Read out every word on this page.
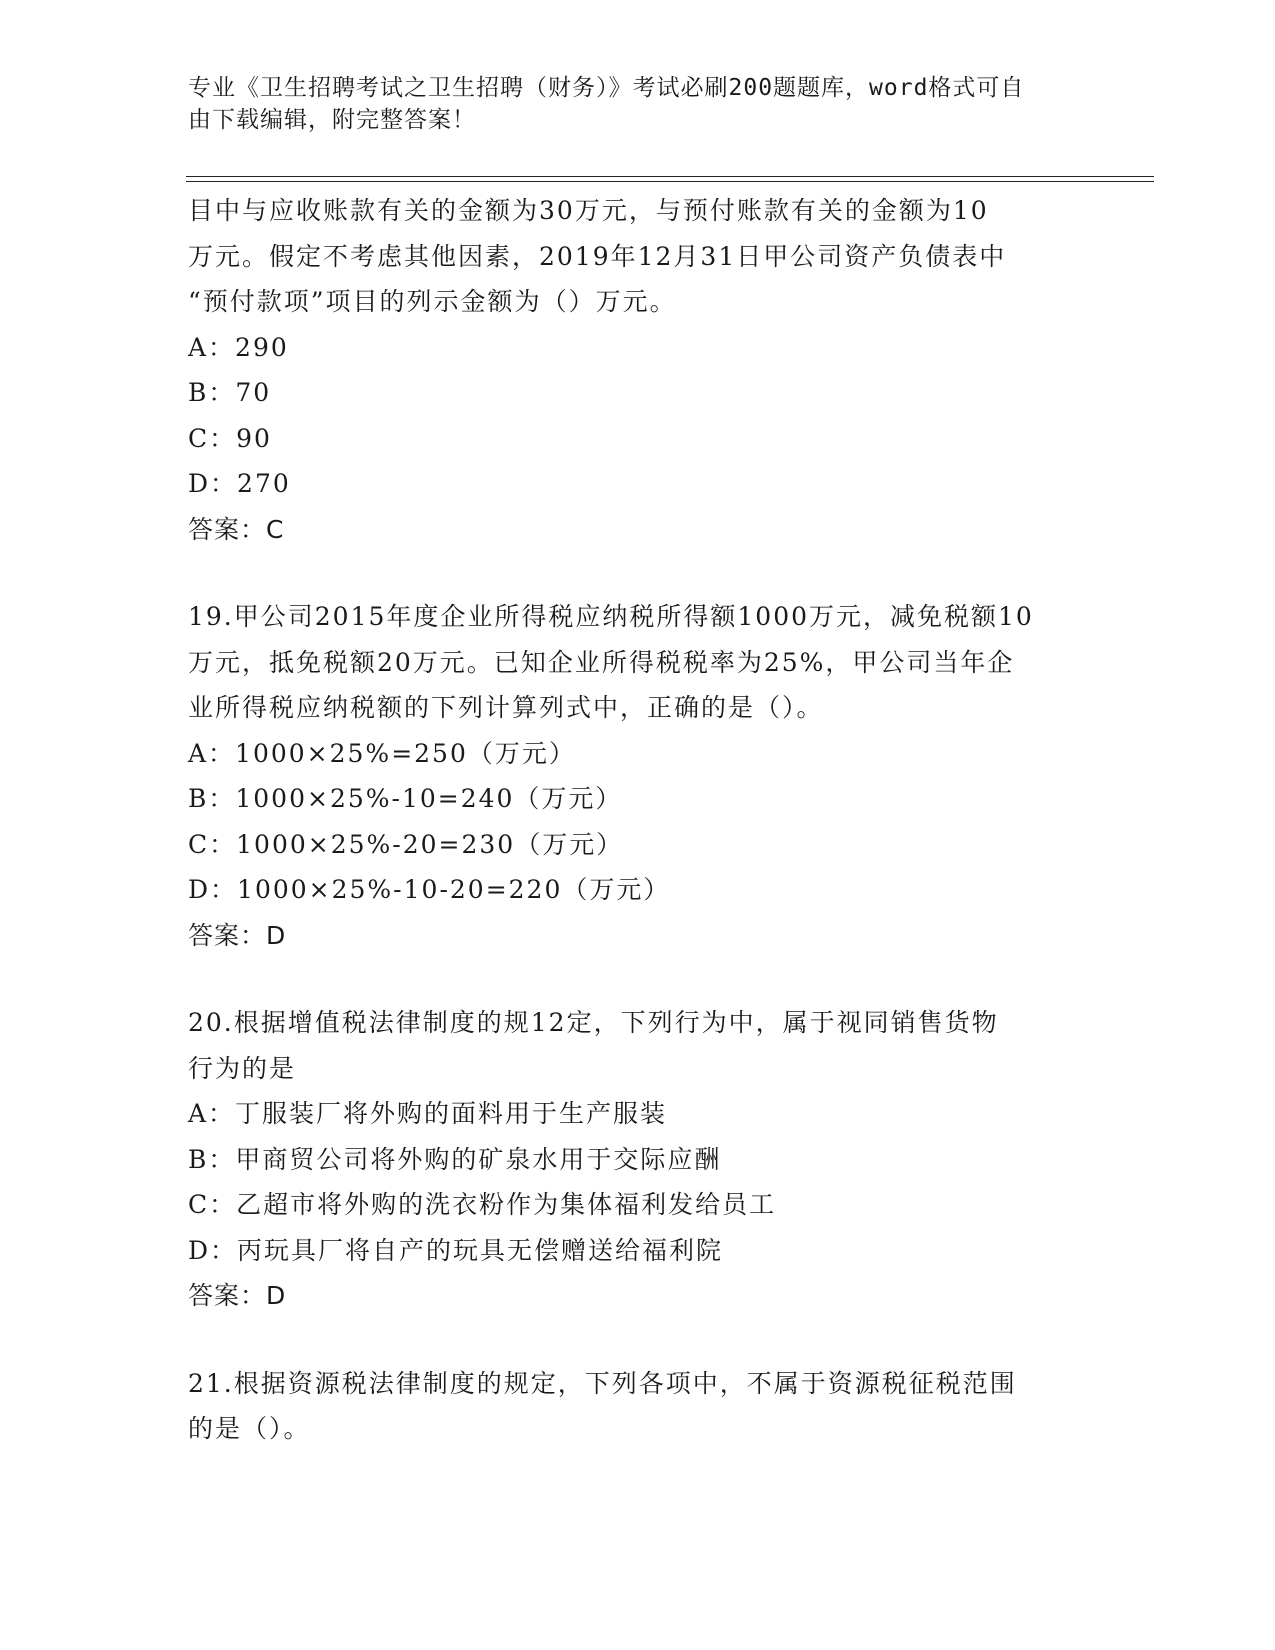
专业《卫生招聘考试之卫生招聘（财务）》考试必刷200题题库，word格式可自
由下载编辑，附完整答案！
目中与应收账款有关的金额为30万元，与预付账款有关的金额为10
万元。假定不考虑其他因素，2019年12月31日甲公司资产负债表中
“预付款项”项目的列示金额为（）万元。
A：290
B：70
C：90
D：270
答案：C
19.甲公司2015年度企业所得税应纳税所得额1000万元，减免税额10
万元，抵免税额20万元。已知企业所得税税率为25%，甲公司当年企
业所得税应纳税额的下列计算列式中，正确的是（）。
A：1000×25%=250（万元）
B：1000×25%-10=240（万元）
C：1000×25%-20=230（万元）
D：1000×25%-10-20=220（万元）
答案：D
20.根据增值税法律制度的规12定，下列行为中，属于视同销售货物
行为的是
A：丁服装厂将外购的面料用于生产服装
B：甲商贸公司将外购的矿泉水用于交际应酬
C：乙超市将外购的洗衣粉作为集体福利发给员工
D：丙玩具厂将自产的玩具无偿赠送给福利院
答案：D
21.根据资源税法律制度的规定，下列各项中，不属于资源税征税范围
的是（）。
